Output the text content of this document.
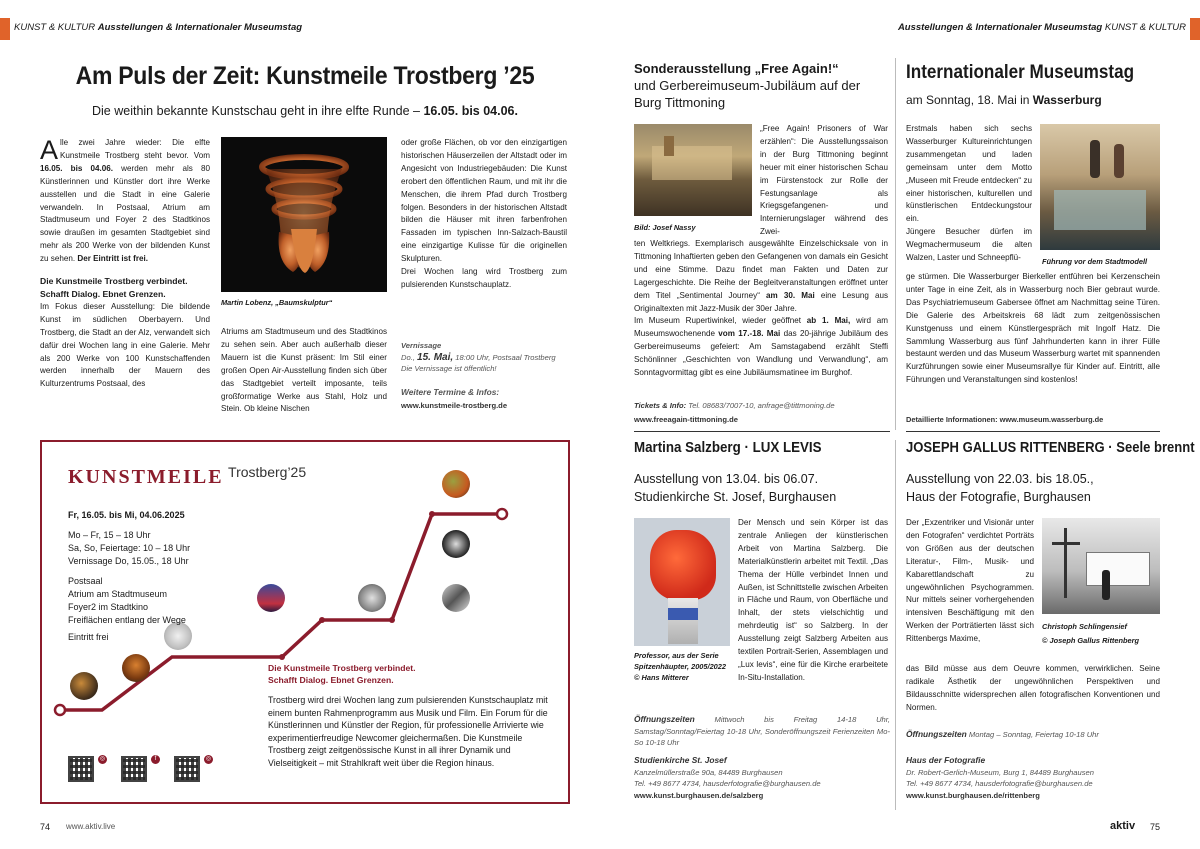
KUNST & KULTUR Ausstellungen & Internationaler Museumstag	Ausstellungen & Internationaler Museumstag KUNST & KULTUR
Am Puls der Zeit: Kunstmeile Trostberg ’25
Die weithin bekannte Kunstschau geht in ihre elfte Runde – 16.05. bis 04.06.

Alle zwei Jahre wieder: Die elfte Kunstmeile Trostberg steht bevor. Vom 16.05. bis 04.06. werden mehr als 80 Künstlerinnen und Künstler dort ihre Werke ausstellen und die Stadt in eine Galerie verwandeln. In Postsaal, Atrium am Stadtmuseum und Foyer 2 des Stadtkinos sowie draußen im gesamten Stadtgebiet sind mehr als 200 Werke von der bildenden Kunst zu sehen. Der Eintritt ist frei.

Die Kunstmeile Trostberg verbindet.
Schafft Dialog. Ebnet Grenzen.

Im Fokus dieser Ausstellung: Die bildende Kunst im südlichen Oberbayern. Und Trostberg, die Stadt an der Alz, verwandelt sich dafür drei Wochen lang in eine Galerie. Mehr als 200 Werke von 100 Kunstschaffenden werden innerhalb der Mauern des Kulturzentrums Postsaal, des

Martin Lobenz, „Baumskulptur“

Atriums am Stadtmuseum und des Stadtkinos zu sehen sein. Aber auch außerhalb dieser Mauern ist die Kunst präsent: Im Stil einer großen Open Air-Ausstellung finden sich über das Stadtgebiet verteilt imposante, teils großformatige Werke aus Stahl, Holz und Stein. Ob kleine Nischen

oder große Flächen, ob vor den einzigartigen historischen Häuserzeilen der Altstadt oder im Angesicht von Industriegebäuden: Die Kunst erobert den öffentlichen Raum, und mit ihr die Menschen, die ihrem Pfad durch Trostberg folgen. Besonders in der historischen Altstadt bilden die Häuser mit ihren farbenfrohen Fassaden im typischen Inn-Salzach-Baustil eine einzigartige Kulisse für die originellen Skulpturen.

Drei Wochen lang wird Trostberg zum pulsierenden Kunstschauplatz.

Vernissage
Do., 15. Mai, 18:00 Uhr, Postsaal Trostberg
Die Vernissage ist öffentlich!
Weitere Termine & Infos:
www.kunstmeile-trostberg.de
KUNSTMEILE Trostberg’25
Fr, 16.05. bis Mi, 04.06.2025
Mo – Fr, 15 – 18 Uhr
Sa, So, Feiertage: 10 – 18 Uhr
Vernissage Do, 15.05., 18 Uhr
Postsaal
Atrium am Stadtmuseum
Foyer2 im Stadtkino
Freiflächen entlang der Wege
Eintritt frei
Die Kunstmeile Trostberg verbindet.
Schafft Dialog. Ebnet Grenzen.
Trostberg wird drei Wochen lang zum pulsierenden Kunstschauplatz mit einem bunten Rahmenprogramm aus Musik und Film. Ein Forum für die Künstlerinnen und Künstler der Region, für professionelle Arrivierte wie experimentierfreudige Newcomer gleichermaßen. Die Kunstmeile Trostberg zeigt zeitgenössische Kunst in all ihrer Dynamik und Vielseitigkeit – mit Strahlkraft weit über die Region hinaus.
◎	f	◎
74 www.aktiv.live
Sonderausstellung „Free Again!“
und Gerbereimuseum-Jubiläum auf der Burg Tittmoning
Bild: Josef Nassy
„Free Again! Prisoners of War erzählen“: Die Ausstellungssaison in der Burg Tittmoning beginnt heuer mit einer historischen Schau im Fürstenstock zur Rolle der Festungsanlage als Kriegsgefangenen- und Internierungslager während des Zwei-

ten Weltkriegs. Exemplarisch ausgewählte Einzelschicksale von in Tittmoning Inhaftierten geben den Gefangenen von damals ein Gesicht und eine Stimme. Dazu findet man Fakten und Daten zur Lagergeschichte. Die Reihe der Begleitveranstaltungen eröffnet unter dem Titel „Sentimental Journey“ am 30. Mai eine Lesung aus Originaltexten mit Jazz-Musik der 30er Jahre.

Im Museum Rupertiwinkel, wieder geöffnet ab 1. Mai, wird am Museumswochenende vom 17.-18. Mai das 20-jährige Jubiläum des Gerbereimuseums gefeiert: Am Samstagabend erzählt Steffi Schönlinner „Geschichten von Wandlung und Verwandlung“, am Sonntagvormittag gibt es eine Jubiläumsmatinee im Burghof.

Tickets & Info: Tel. 08683/7007-10, anfrage@tittmoning.de
www.freeagain-tittmoning.de
Internationaler Museumstag
am Sonntag, 18. Mai in Wasserburg

Erstmals haben sich sechs Wasserburger Kultureinrichtungen zusammengetan und laden gemeinsam unter dem Motto „Museen mit Freude entdecken“ zu einer historischen, kulturellen und künstlerischen Entdeckungstour ein.

Jüngere Besucher dürfen im Wegmachermuseum die alten Walzen, Laster und Schneepflü-	Führung vor dem Stadtmodell
ge stürmen. Die Wasserburger Bierkeller entführen bei Kerzenschein unter Tage in eine Zeit, als in Wasserburg noch Bier gebraut wurde. Das Psychiatriemuseum Gabersee öffnet am Nachmittag seine Türen. Die Galerie des Arbeitskreis 68 lädt zum zeitgenössischen Kunstgenuss und einem Künstlergespräch mit Ingolf Hatz. Die Sammlung Wasserburg aus fünf Jahrhunderten kann in ihrer Fülle bestaunt werden und das Museum Wasserburg wartet mit spannenden Kurzführungen sowie einer Museumsrallye für Kinder auf. Eintritt, alle Führungen und Veranstaltungen sind kostenlos!
Detaillierte Informationen: www.museum.wasserburg.de
Martina Salzberg · LUX LEVIS
Ausstellung von 13.04. bis 06.07.
Studienkirche St. Josef, Burghausen
Professor, aus der Serie
Spitzenhäupter, 2005/2022
© Hans Mitterer
Der Mensch und sein Körper ist das zentrale Anliegen der künstlerischen Arbeit von Martina Salzberg. Die Materialkünstlerin arbeitet mit Textil. „Das Thema der Hülle verbindet Innen und Außen, ist Schnittstelle zwischen Arbeiten in Fläche und Raum, von Oberfläche und Inhalt, der stets vielschichtig und mehrdeutig ist“ so Salzberg. In der Ausstellung zeigt Salzberg Arbeiten aus textilen Portrait-Serien, Assemblagen und „Lux levis“, eine für die Kirche erarbeitete In-Situ-Installation.
Öffnungszeiten Mittwoch bis Freitag 14-18 Uhr, Samstag/Sonntag/Feiertag 10-18 Uhr, Sonderöffnungszeit Ferienzeiten Mo-So 10-18 Uhr
Studienkirche St. Josef
Kanzelmüllerstraße 90a, 84489 Burghausen
Tel. +49 8677 4734, hausderfotografie@burghausen.de
www.kunst.burghausen.de/salzberg
JOSEPH GALLUS RITTENBERG · Seele brennt
Ausstellung von 22.03. bis 18.05.,
Haus der Fotografie, Burghausen
Der „Exzentriker und Visionär unter den Fotografen“ verdichtet Porträts von Größen aus der deutschen Literatur-, Film-, Musik- und Kabarettlandschaft zu ungewöhnlichen Psychogrammen. Nur mittels seiner vorhergehenden intensiven Beschäftigung mit den Werken der Porträtierten lässt sich Rittenbergs Maxime,
Christoph Schlingensief
© Joseph Gallus Rittenberg
das Bild müsse aus dem Oeuvre kommen, verwirklichen. Seine radikale Ästhetik der ungewöhnlichen Perspektiven und Bildausschnitte widersprechen allen fotografischen Konventionen und Normen.
Öffnungszeiten Montag – Sonntag, Feiertag 10-18 Uhr
Haus der Fotografie
Dr. Robert-Gerlich-Museum, Burg 1, 84489 Burghausen
Tel. +49 8677 4734, hausderfotografie@burghausen.de
www.kunst.burghausen.de/rittenberg
aktiv 75
